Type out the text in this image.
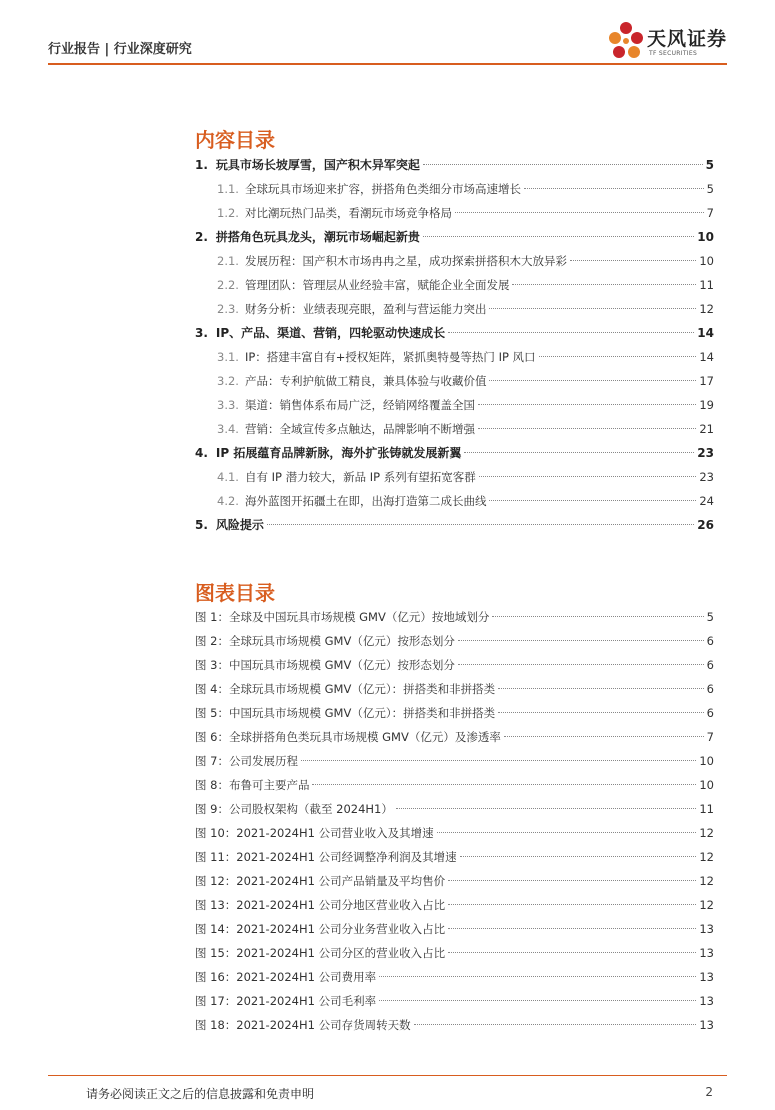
行业报告 | 行业深度研究	天风证券
TF SECURITIES
内容目录
1. 玩具市场长坡厚雪，国产积木异军突起	5
1.1. 全球玩具市场迎来扩容，拼搭角色类细分市场高速增长	5
1.2. 对比潮玩热门品类，看潮玩市场竞争格局	7
2. 拼搭角色玩具龙头，潮玩市场崛起新贵	10
2.1. 发展历程：国产积木市场冉冉之星，成功探索拼搭积木大放异彩	10
2.2. 管理团队：管理层从业经验丰富，赋能企业全面发展	11
2.3. 财务分析：业绩表现亮眼，盈利与营运能力突出	12
3. IP、产品、渠道、营销，四轮驱动快速成长	14
3.1. IP：搭建丰富自有+授权矩阵，紧抓奥特曼等热门 IP 风口	14
3.2. 产品：专利护航做工精良，兼具体验与收藏价值	17
3.3. 渠道：销售体系布局广泛，经销网络覆盖全国	19
3.4. 营销：全域宣传多点触达，品牌影响不断增强	21
4. IP 拓展蕴育品牌新脉，海外扩张铸就发展新翼	23
4.1. 自有 IP 潜力较大，新品 IP 系列有望拓宽客群	23
4.2. 海外蓝图开拓疆土在即，出海打造第二成长曲线	24
5. 风险提示	26
图表目录
图 1：全球及中国玩具市场规模 GMV（亿元）按地域划分	5
图 2：全球玩具市场规模 GMV（亿元）按形态划分	6
图 3：中国玩具市场规模 GMV（亿元）按形态划分	6
图 4：全球玩具市场规模 GMV（亿元）：拼搭类和非拼搭类	6
图 5：中国玩具市场规模 GMV（亿元）：拼搭类和非拼搭类	6
图 6：全球拼搭角色类玩具市场规模 GMV（亿元）及渗透率	7
图 7：公司发展历程	10
图 8：布鲁可主要产品	10
图 9：公司股权架构（截至 2024H1）	11
图 10：2021-2024H1 公司营业收入及其增速	12
图 11：2021-2024H1 公司经调整净利润及其增速	12
图 12：2021-2024H1 公司产品销量及平均售价	12
图 13：2021-2024H1 公司分地区营业收入占比	12
图 14：2021-2024H1 公司分业务营业收入占比	13
图 15：2021-2024H1 公司分区的营业收入占比	13
图 16：2021-2024H1 公司费用率	13
图 17：2021-2024H1 公司毛利率	13
图 18：2021-2024H1 公司存货周转天数	13
请务必阅读正文之后的信息披露和免责申明	2
